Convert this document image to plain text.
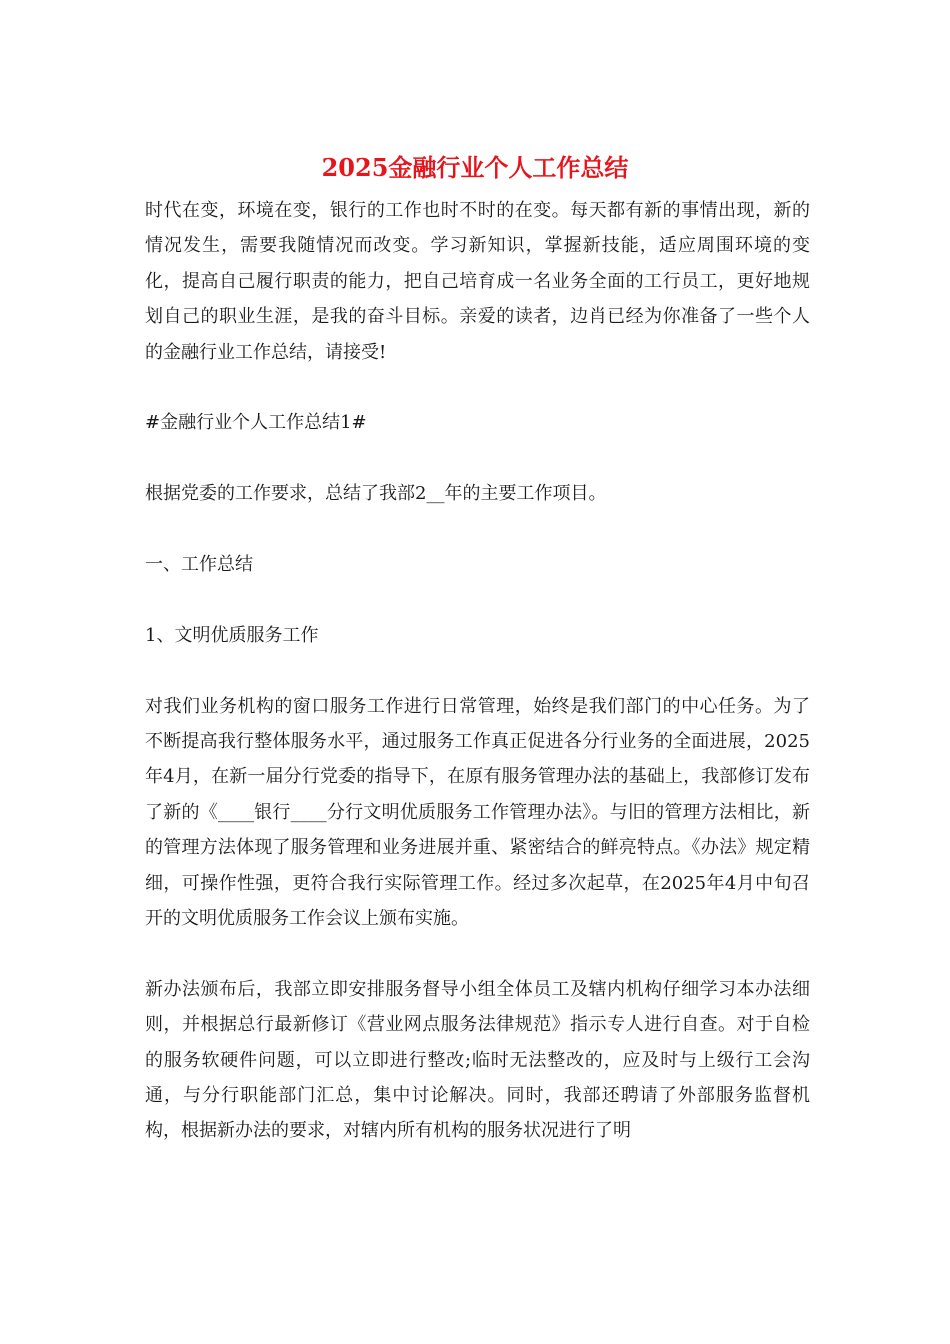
2025金融行业个人工作总结

时代在变，环境在变，银行的工作也时不时的在变。每天都有新的事情出现，新的情况发生，需要我随情况而改变。学习新知识，掌握新技能，适应周围环境的变化，提高自己履行职责的能力，把自己培育成一名业务全面的工行员工，更好地规划自己的职业生涯，是我的奋斗目标。亲爱的读者，边肖已经为你准备了一些个人的金融行业工作总结，请接受!

#金融行业个人工作总结1#

根据党委的工作要求，总结了我部2__年的主要工作项目。

一、工作总结

1、文明优质服务工作

对我们业务机构的窗口服务工作进行日常管理，始终是我们部门的中心任务。为了不断提高我行整体服务水平，通过服务工作真正促进各分行业务的全面进展，2025年4月，在新一届分行党委的指导下，在原有服务管理办法的基础上，我部修订发布了新的《____银行____分行文明优质服务工作管理办法》。与旧的管理方法相比，新的管理方法体现了服务管理和业务进展并重、紧密结合的鲜亮特点。《办法》规定精细，可操作性强，更符合我行实际管理工作。经过多次起草，在2025年4月中旬召开的文明优质服务工作会议上颁布实施。

新办法颁布后，我部立即安排服务督导小组全体员工及辖内机构仔细学习本办法细则，并根据总行最新修订《营业网点服务法律规范》指示专人进行自查。对于自检的服务软硬件问题，可以立即进行整改;临时无法整改的，应及时与上级行工会沟通，与分行职能部门汇总，集中讨论解决。同时，我部还聘请了外部服务监督机构，根据新办法的要求，对辖内所有机构的服务状况进行了明
